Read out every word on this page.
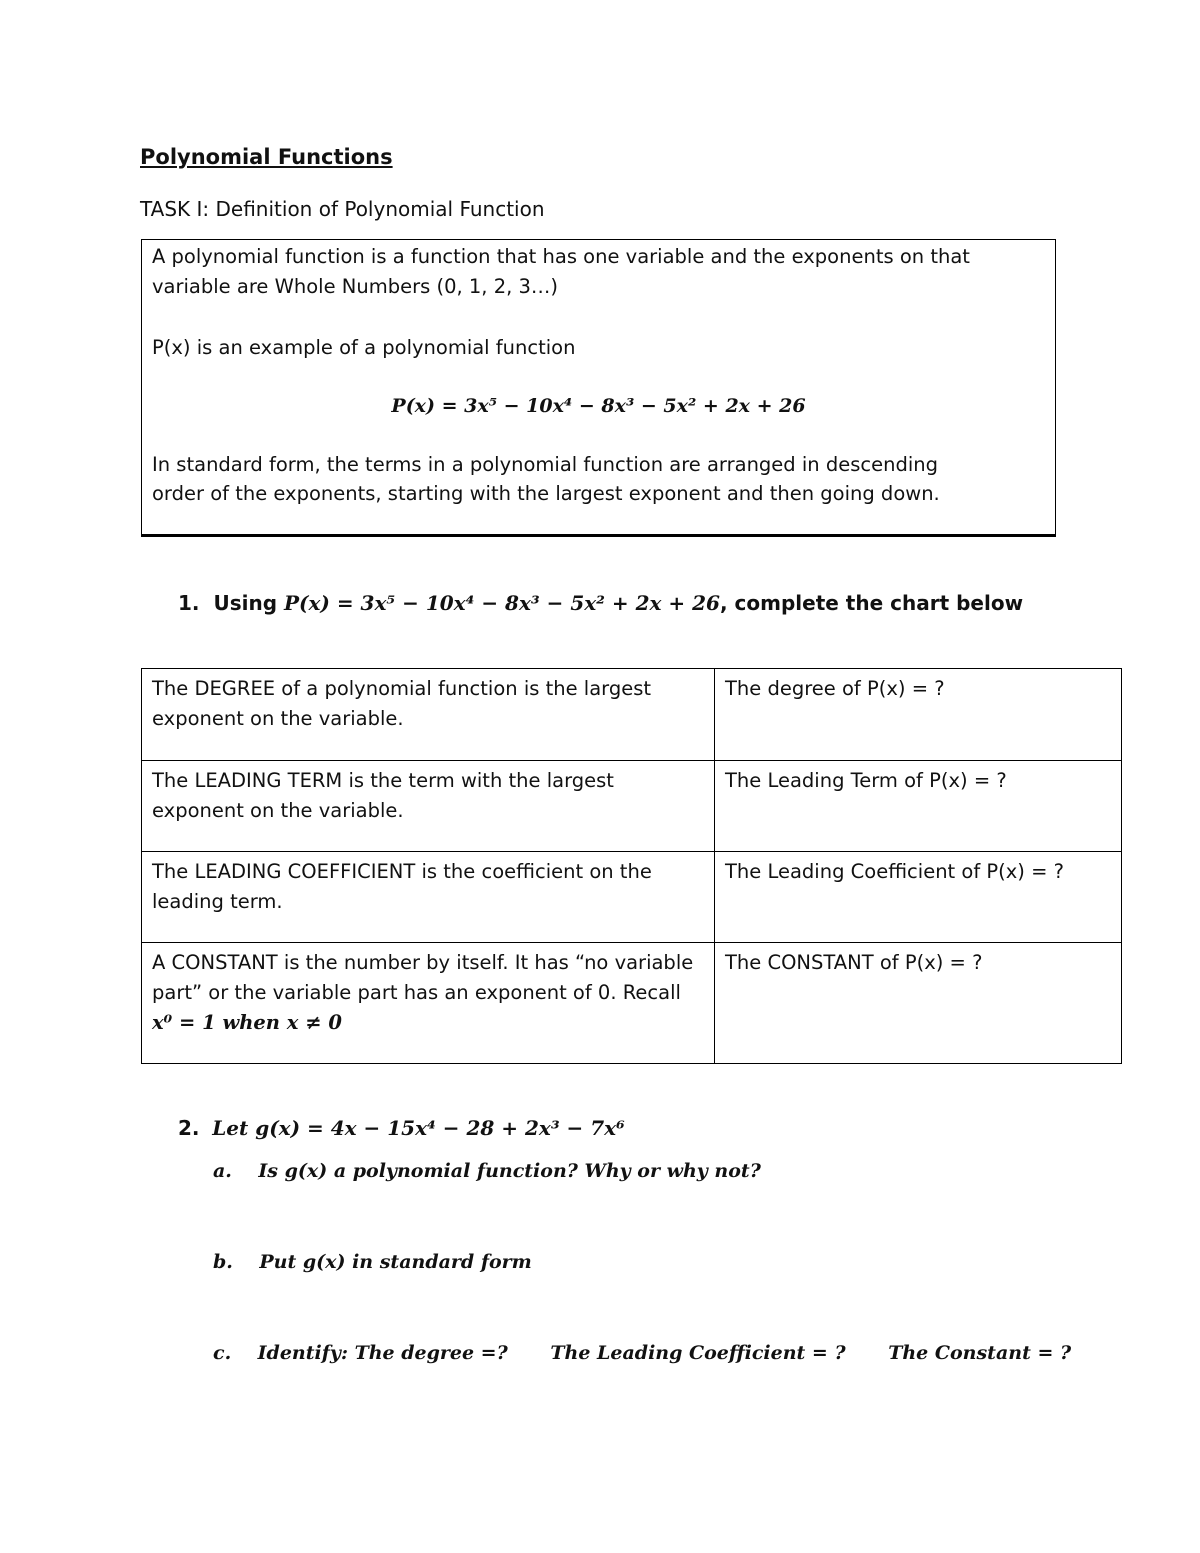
Polynomial Functions
TASK I: Definition of Polynomial Function
A polynomial function is a function that has one variable and the exponents on that
variable are Whole Numbers (0, 1, 2, 3…)
P(x) is an example of a polynomial function
P(x) = 3x⁵ − 10x⁴ − 8x³ − 5x² + 2x + 26
In standard form, the terms in a polynomial function are arranged in descending
order of the exponents, starting with the largest exponent and then going down.
1. Using P(x) = 3x⁵ − 10x⁴ − 8x³ − 5x² + 2x + 26, complete the chart below
The DEGREE of a polynomial function is the largest exponent on the variable.	The degree of P(x) = ?
The LEADING TERM is the term with the largest exponent on the variable.	The Leading Term of P(x) = ?
The LEADING COEFFICIENT is the coefficient on the leading term.	The Leading Coefficient of P(x) = ?
A CONSTANT is the number by itself. It has “no variable part” or the variable part has an exponent of 0. Recall x⁰ = 1 when x ≠ 0	The CONSTANT of P(x) = ?
2. Let g(x) = 4x − 15x⁴ − 28 + 2x³ − 7x⁶
a. Is g(x) a polynomial function? Why or why not?
b. Put g(x) in standard form
c. Identify: The degree =? The Leading Coefficient = ? The Constant = ?
